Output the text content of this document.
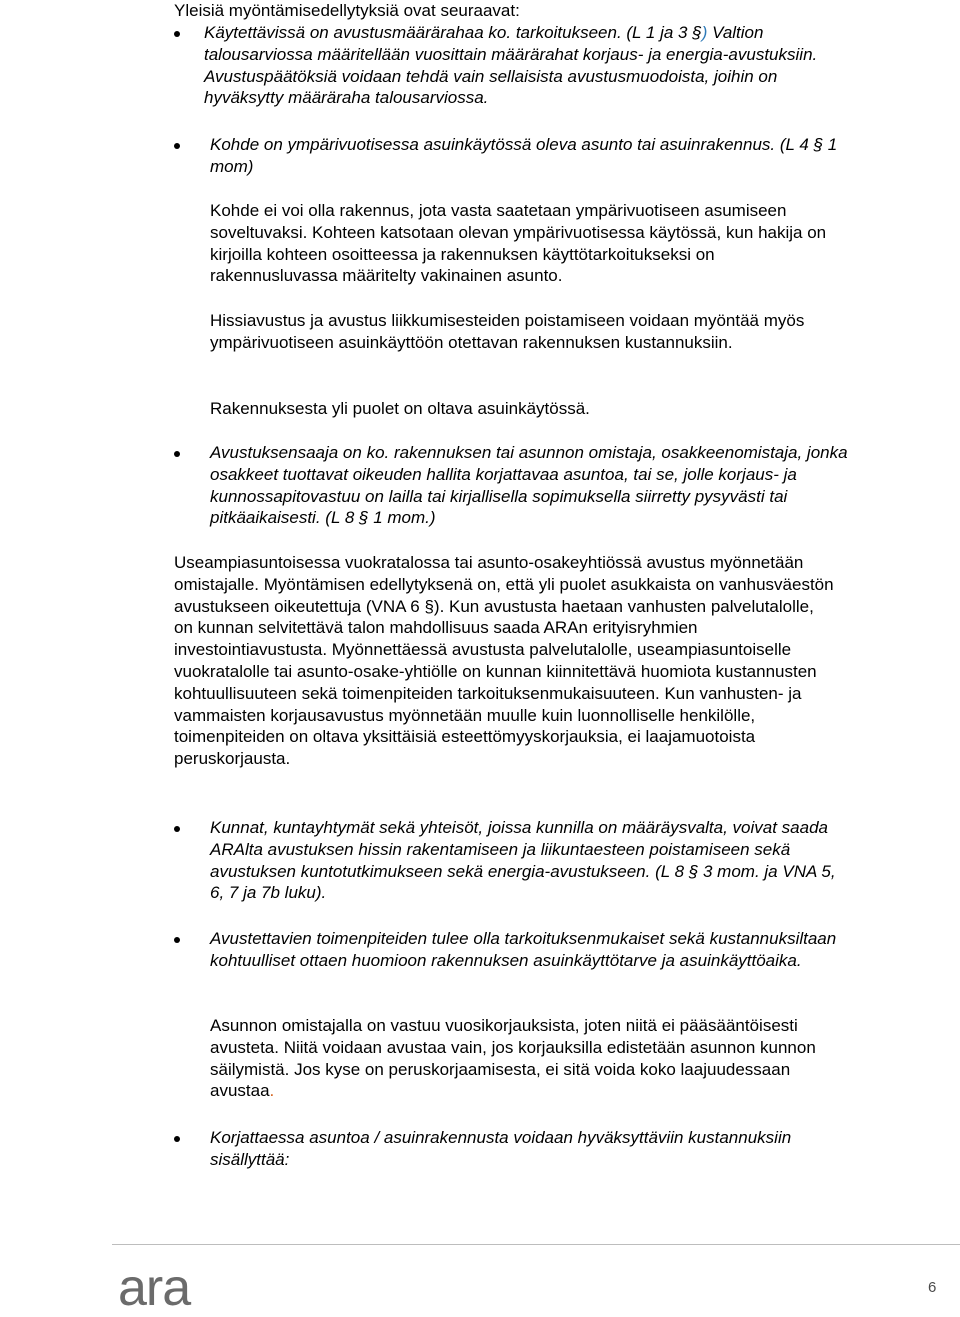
Yleisiä myöntämisedellytyksiä ovat seuraavat:

Käytettävissä on avustusmäärärahaa ko. tarkoitukseen. (L 1 ja 3 §) Valtion talousarviossa määritellään vuosittain määrärahat korjaus- ja energia-avustuksiin. Avustuspäätöksiä voidaan tehdä vain sellaisista avustusmuodoista, joihin on hyväksytty määräraha talousarviossa.

Kohde on ympärivuotisessa asuinkäytössä oleva asunto tai asuinrakennus. (L 4 § 1 mom)

Kohde ei voi olla rakennus, jota vasta saatetaan ympärivuotiseen asumiseen soveltuvaksi. Kohteen katsotaan olevan ympärivuotisessa käytössä, kun hakija on kirjoilla kohteen osoitteessa ja rakennuksen käyttötarkoitukseksi on rakennusluvassa määritelty vakinainen asunto.

Hissiavustus ja avustus liikkumisesteiden poistamiseen voidaan myöntää myös ympärivuotiseen asuinkäyttöön otettavan rakennuksen kustannuksiin.

Rakennuksesta yli puolet on oltava asuinkäytössä.

Avustuksensaaja on ko. rakennuksen tai asunnon omistaja, osakkeenomistaja, jonka osakkeet tuottavat oikeuden hallita korjattavaa asuntoa, tai se, jolle korjaus- ja kunnossapitovastuu on lailla tai kirjallisella sopimuksella siirretty pysyvästi tai pitkäaikaisesti. (L 8 § 1 mom.)

Useampiasuntoisessa vuokratalossa tai asunto-osakeyhtiössä avustus myönnetään omistajalle. Myöntämisen edellytyksenä on, että yli puolet asukkaista on vanhusväestön avustukseen oikeutettuja (VNA 6 §). Kun avustusta haetaan vanhusten palvelutalolle, on kunnan selvitettävä talon mahdollisuus saada ARAn erityisryhmien investointiavustusta. Myönnettäessä avustusta palvelutalolle, useampiasuntoiselle vuokratalolle tai asunto-osake-yhtiölle on kunnan kiinnitettävä huomiota kustannusten kohtuullisuuteen sekä toimenpiteiden tarkoituksenmukaisuuteen. Kun vanhusten- ja vammaisten korjausavustus myönnetään muulle kuin luonnolliselle henkilölle, toimenpiteiden on oltava yksittäisiä esteettömyyskorjauksia, ei laajamuotoista peruskorjausta.

Kunnat, kuntayhtymät sekä yhteisöt, joissa kunnilla on määräysvalta, voivat saada ARAlta avustuksen hissin rakentamiseen ja liikuntaesteen poistamiseen sekä avustuksen kuntotutkimukseen sekä energia-avustukseen. (L 8 § 3 mom. ja VNA 5, 6, 7 ja 7b luku).

Avustettavien toimenpiteiden tulee olla tarkoituksenmukaiset sekä kustannuksiltaan kohtuulliset ottaen huomioon rakennuksen asuinkäyttötarve ja asuinkäyttöaika.

Asunnon omistajalla on vastuu vuosikorjauksista, joten niitä ei pääsääntöisesti avusteta. Niitä voidaan avustaa vain, jos korjauksilla edistetään asunnon kunnon säilymistä. Jos kyse on peruskorjaamisesta, ei sitä voida koko laajuudessaan avustaa.

Korjattaessa asuntoa / asuinrakennusta voidaan hyväksyttäviin kustannuksiin sisällyttää:

ara	6
